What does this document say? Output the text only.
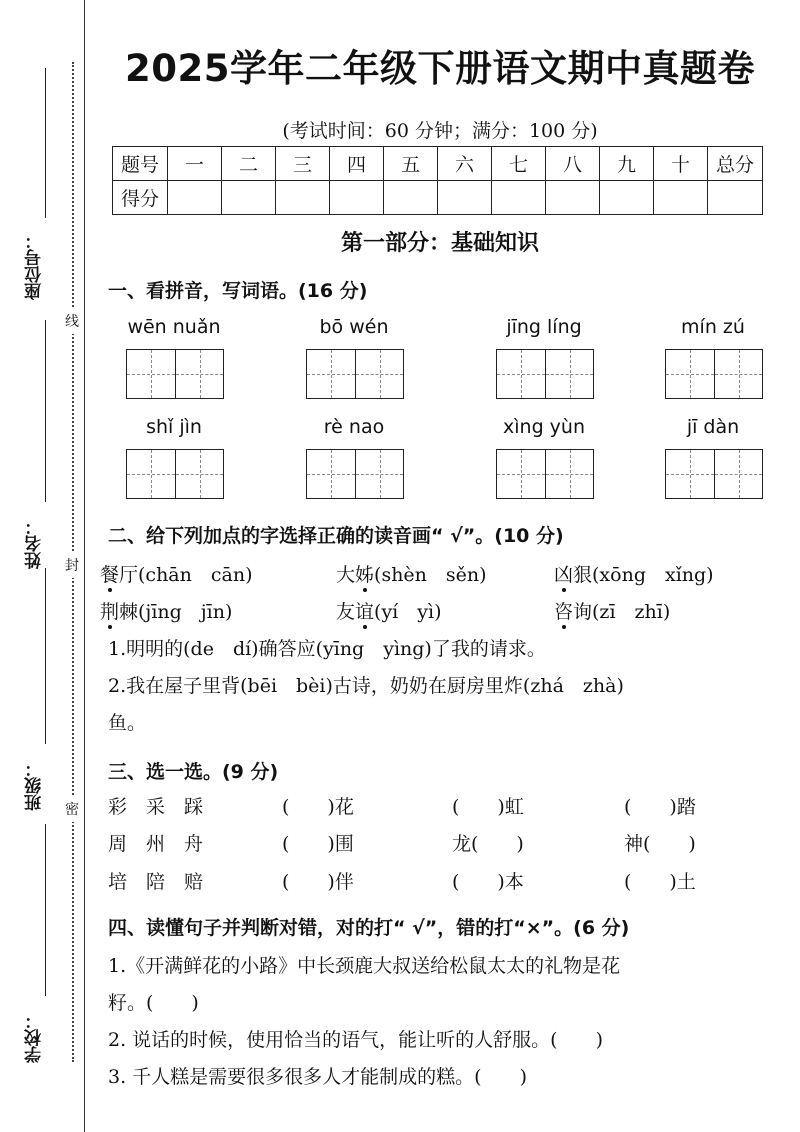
座位号：
姓名：
班级：
学校：
线
封
密
2025学年二年级下册语文期中真题卷
(考试时间：60 分钟；满分：100 分)
题号	一	二	三	四	五	六	七	八	九	十	总分
得分											
第一部分：基础知识
一、看拼音，写词语。(16 分)
wēn nuǎn	bō wén	jīng líng	mín zú
shǐ jìn	rè nao	xìng yùn	jī dàn
二、给下列加点的字选择正确的读音画“ √”。(10 分)
餐厅(chān　cān)	大姊(shèn　sěn)	凶狠(xōng　xǐng)
荆棘(jīng　jīn)	友谊(yí　yì)	咨询(zī　zhī)
1.明明的(de　dí)确答应(yīng　yìng)了我的请求。
2.我在屋子里背(bēi　bèi)古诗，奶奶在厨房里炸(zhá　zhà)
鱼。
三、选一选。(9 分)
彩　采　踩	(　　)花	(　　)虹	(　　)踏
周　州　舟	(　　)围	龙(　　)	神(　　)
培　陪　赔	(　　)伴	(　　)本	(　　)土
四、读懂句子并判断对错，对的打“ √”，错的打“×”。(6 分)
1.《开满鲜花的小路》中长颈鹿大叔送给松鼠太太的礼物是花
籽。(　　)
2. 说话的时候，使用恰当的语气，能让听的人舒服。(　　)
3. 千人糕是需要很多很多人才能制成的糕。(　　)
